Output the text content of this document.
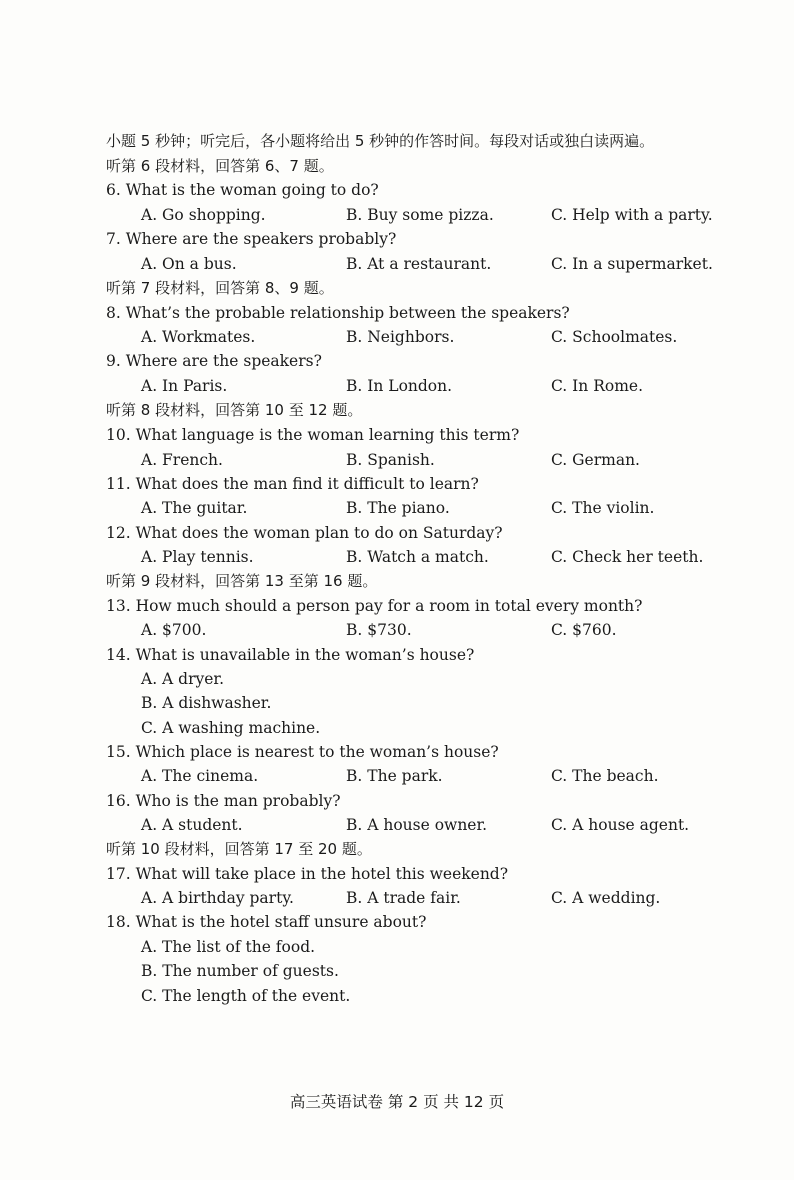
小题 5 秒钟；听完后，各小题将给出 5 秒钟的作答时间。每段对话或独白读两遍。
听第 6 段材料，回答第 6、7 题。
6. What is the woman going to do?
A. Go shopping.	B. Buy some pizza.	C. Help with a party.
7. Where are the speakers probably?
A. On a bus.	B. At a restaurant.	C. In a supermarket.
听第 7 段材料，回答第 8、9 题。
8. What’s the probable relationship between the speakers?
A. Workmates.	B. Neighbors.	C. Schoolmates.
9. Where are the speakers?
A. In Paris.	B. In London.	C. In Rome.
听第 8 段材料，回答第 10 至 12 题。
10. What language is the woman learning this term?
A. French.	B. Spanish.	C. German.
11. What does the man find it difficult to learn?
A. The guitar.	B. The piano.	C. The violin.
12. What does the woman plan to do on Saturday?
A. Play tennis.	B. Watch a match.	C. Check her teeth.
听第 9 段材料，回答第 13 至第 16 题。
13. How much should a person pay for a room in total every month?
A. $700.	B. $730.	C. $760.
14. What is unavailable in the woman’s house?
A. A dryer.
B. A dishwasher.
C. A washing machine.
15. Which place is nearest to the woman’s house?
A. The cinema.	B. The park.	C. The beach.
16. Who is the man probably?
A. A student.	B. A house owner.	C. A house agent.
听第 10 段材料，回答第 17 至 20 题。
17. What will take place in the hotel this weekend?
A. A birthday party.	B. A trade fair.	C. A wedding.
18. What is the hotel staff unsure about?
A. The list of the food.
B. The number of guests.
C. The length of the event.
高三英语试卷 第 2 页 共 12 页
